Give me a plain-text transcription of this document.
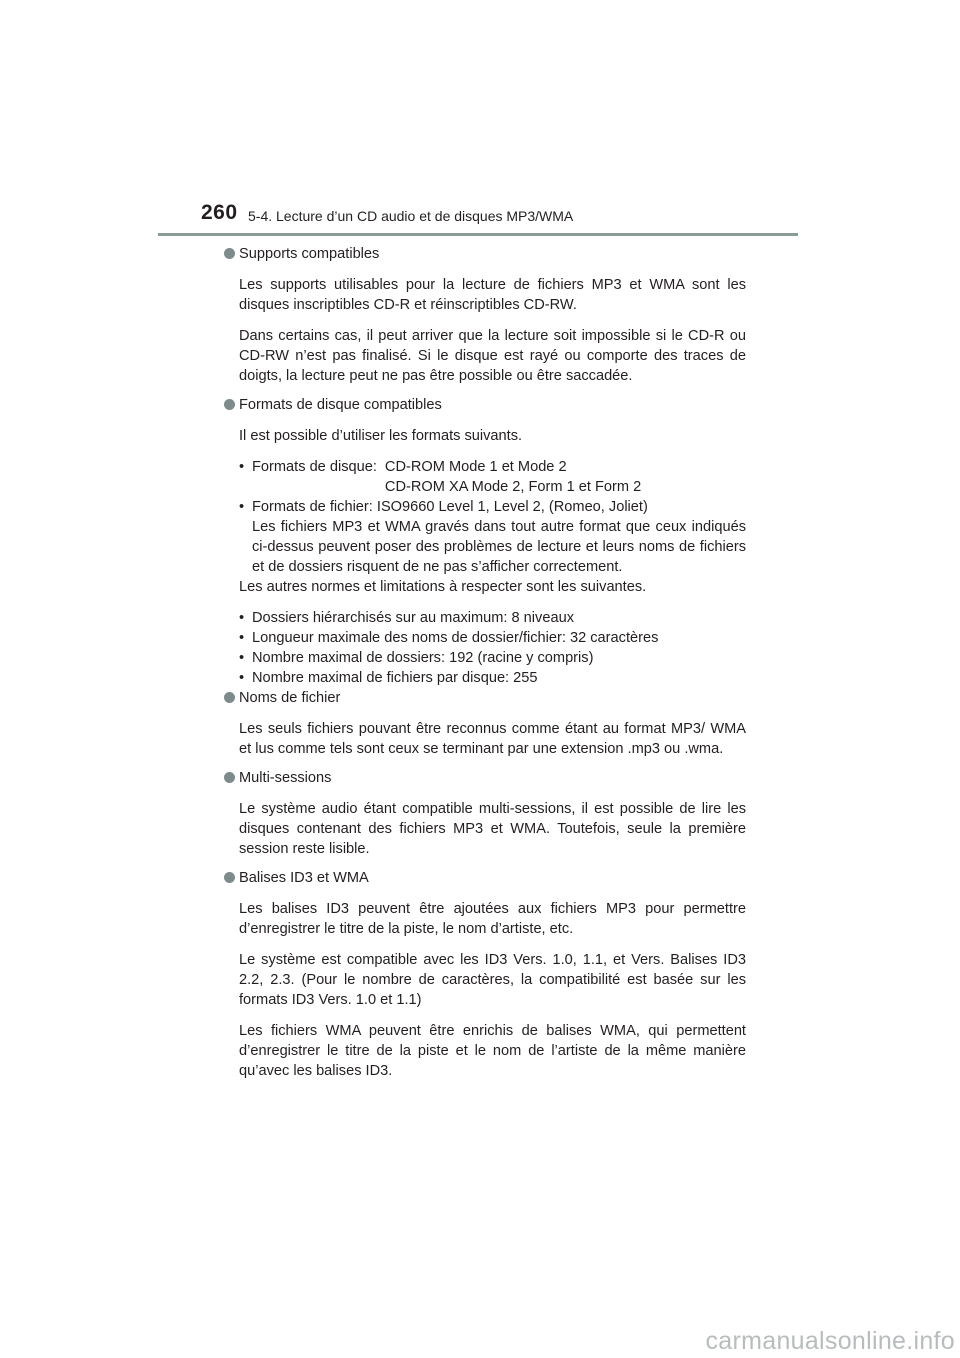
260 5-4. Lecture d’un CD audio et de disques MP3/WMA
Supports compatibles
Les supports utilisables pour la lecture de fichiers MP3 et WMA sont les disques inscriptibles CD-R et réinscriptibles CD-RW.
Dans certains cas, il peut arriver que la lecture soit impossible si le CD-R ou CD-RW n’est pas finalisé. Si le disque est rayé ou comporte des traces de doigts, la lecture peut ne pas être possible ou être saccadée.
Formats de disque compatibles
Il est possible d’utiliser les formats suivants.
• Formats de disque: CD-ROM Mode 1 et Mode 2
CD-ROM XA Mode 2, Form 1 et Form 2
• Formats de fichier: ISO9660 Level 1, Level 2, (Romeo, Joliet)
Les fichiers MP3 et WMA gravés dans tout autre format que ceux indiqués ci-dessus peuvent poser des problèmes de lecture et leurs noms de fichiers et de dossiers risquent de ne pas s’afficher correctement.
Les autres normes et limitations à respecter sont les suivantes.
• Dossiers hiérarchisés sur au maximum: 8 niveaux
• Longueur maximale des noms de dossier/fichier: 32 caractères
• Nombre maximal de dossiers: 192 (racine y compris)
• Nombre maximal de fichiers par disque: 255
Noms de fichier
Les seuls fichiers pouvant être reconnus comme étant au format MP3/ WMA et lus comme tels sont ceux se terminant par une extension .mp3 ou .wma.
Multi-sessions
Le système audio étant compatible multi-sessions, il est possible de lire les disques contenant des fichiers MP3 et WMA. Toutefois, seule la première session reste lisible.
Balises ID3 et WMA
Les balises ID3 peuvent être ajoutées aux fichiers MP3 pour permettre d’enregistrer le titre de la piste, le nom d’artiste, etc.
Le système est compatible avec les ID3 Vers. 1.0, 1.1, et Vers. Balises ID3 2.2, 2.3. (Pour le nombre de caractères, la compatibilité est basée sur les formats ID3 Vers. 1.0 et 1.1)
Les fichiers WMA peuvent être enrichis de balises WMA, qui permettent d’enregistrer le titre de la piste et le nom de l’artiste de la même manière qu’avec les balises ID3.
carmanualsonline.info
